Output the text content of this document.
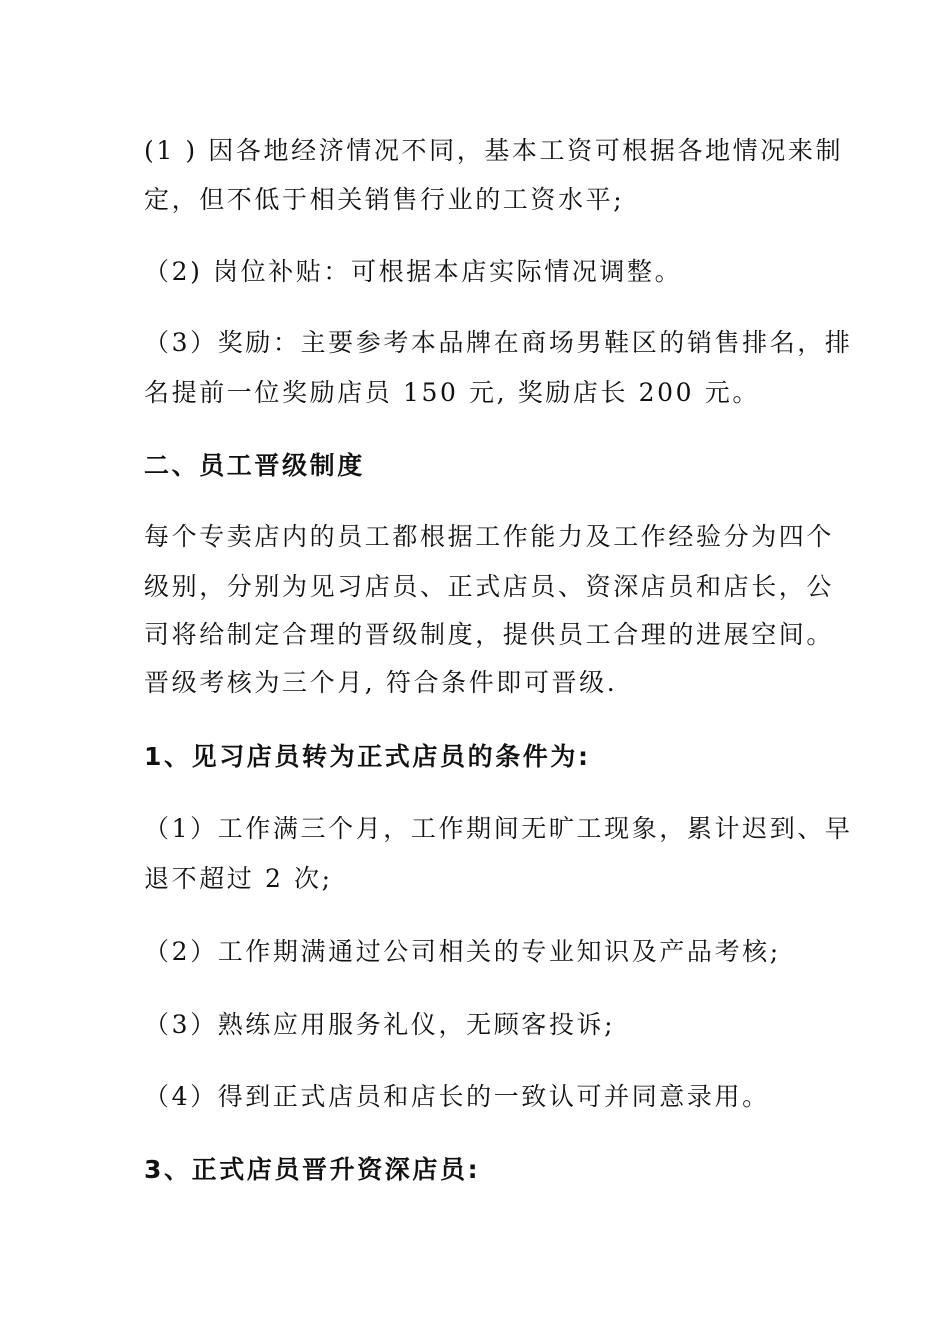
(1 ) 因各地经济情况不同，基本工资可根据各地情况来制
定，但不低于相关销售行业的工资水平;
（2) 岗位补贴：可根据本店实际情况调整。
（3）奖励：主要参考本品牌在商场男鞋区的销售排名，排
名提前一位奖励店员 150 元, 奖励店长 200 元。
二、员工晋级制度
每个专卖店内的员工都根据工作能力及工作经验分为四个
级别，分别为见习店员、正式店员、资深店员和店长，公
司将给制定合理的晋级制度，提供员工合理的进展空间。
晋级考核为三个月, 符合条件即可晋级.
1、见习店员转为正式店员的条件为:
（1）工作满三个月，工作期间无旷工现象，累计迟到、早
退不超过 2 次;
（2）工作期满通过公司相关的专业知识及产品考核;
（3）熟练应用服务礼仪，无顾客投诉;
（4）得到正式店员和店长的一致认可并同意录用。
3、正式店员晋升资深店员:
